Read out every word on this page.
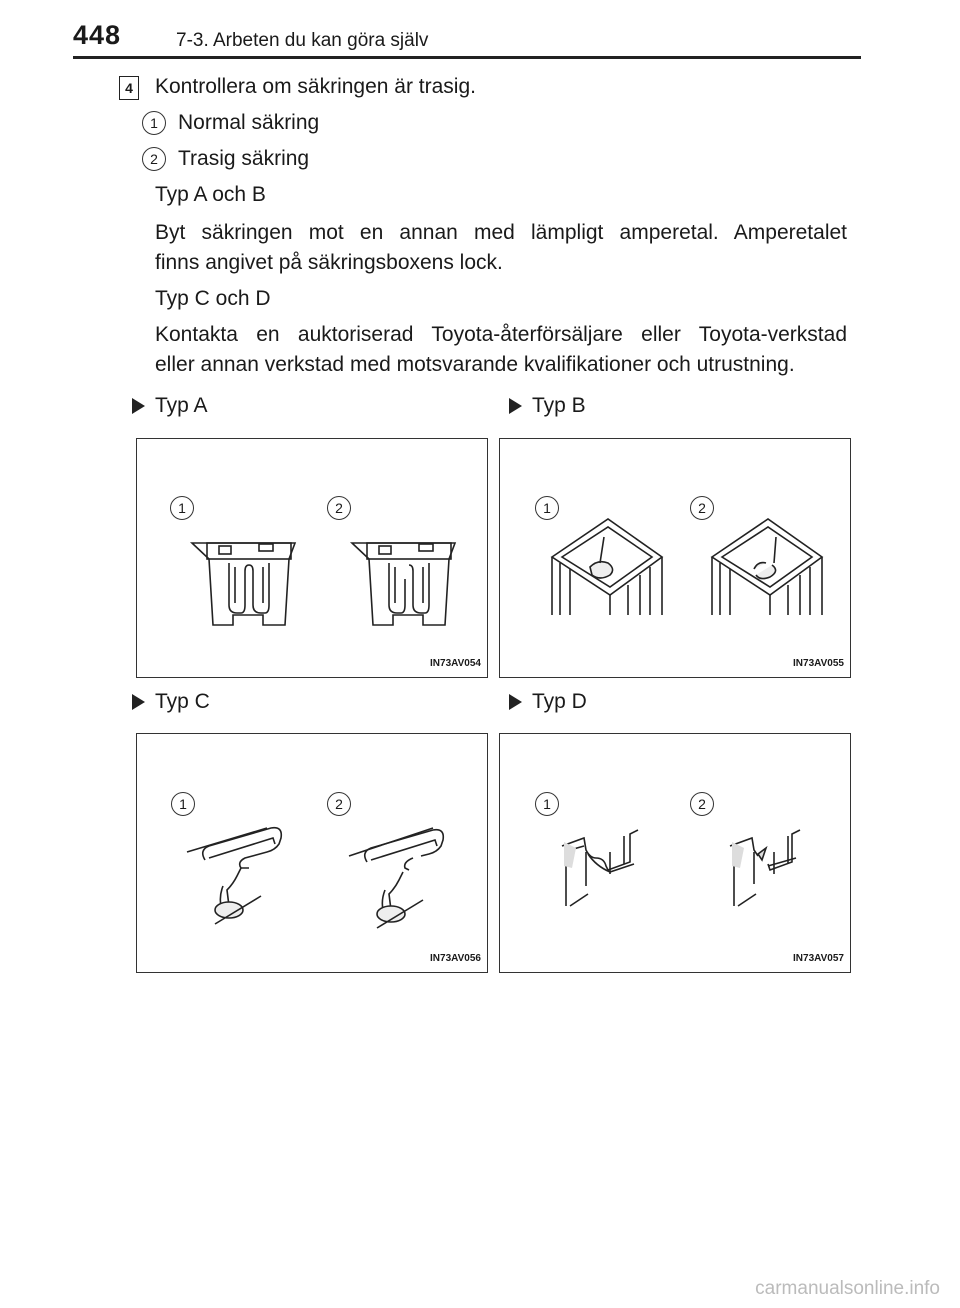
448	7-3. Arbeten du kan göra själv
4 Kontrollera om säkringen är trasig.
1 Normal säkring
2 Trasig säkring
Typ A och B
Byt säkringen mot en annan med lämpligt amperetal. Amperetalet
finns angivet på säkringsboxens lock.
Typ C och D
Kontakta en auktoriserad Toyota-återförsäljare eller Toyota-verkstad
eller annan verkstad med motsvarande kvalifikationer och utrustning.
Typ A	Typ B
1	2
IN73AV054
1	2
IN73AV055
Typ C	Typ D
1	2
IN73AV056
1	2
IN73AV057
carmanualsonline.info
